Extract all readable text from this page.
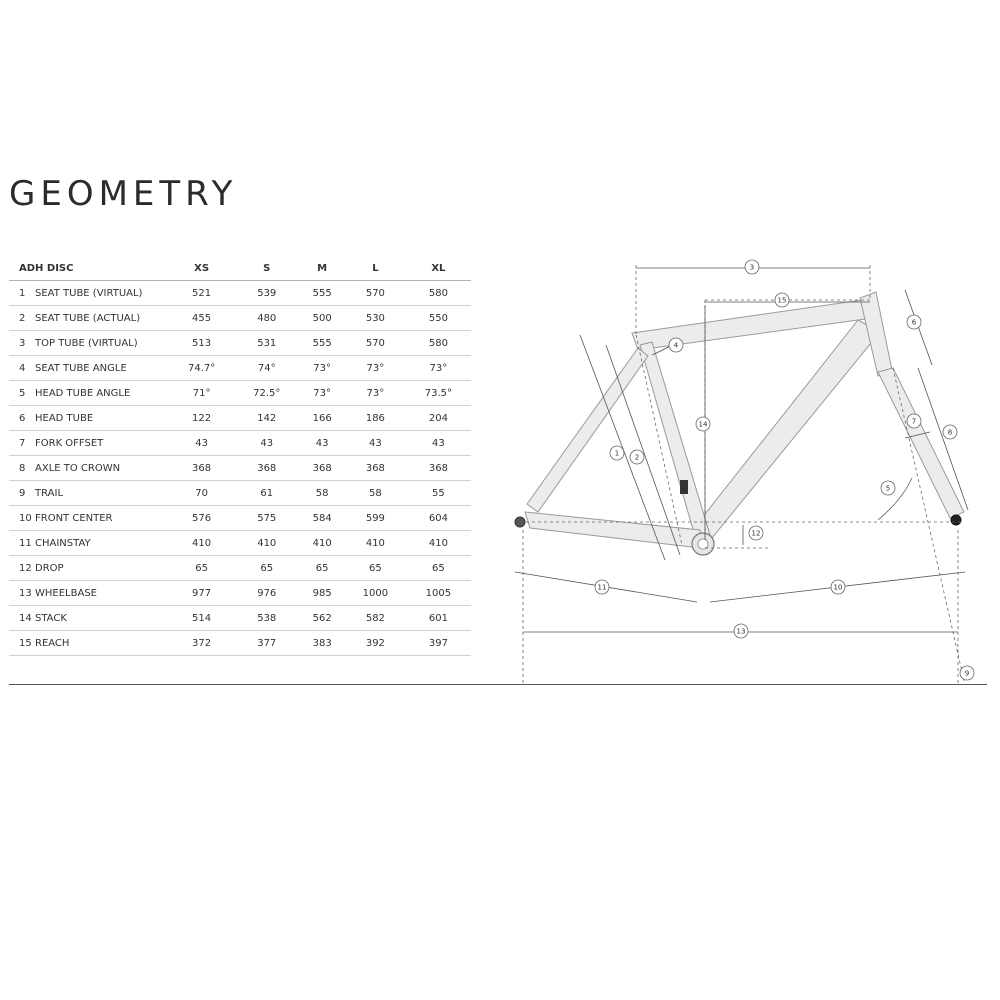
GEOMETRY
ADH DISC	XS	S	M	L	XL
1 SEAT TUBE (VIRTUAL)	521	539	555	570	580
2 SEAT TUBE (ACTUAL)	455	480	500	530	550
3 TOP TUBE (VIRTUAL)	513	531	555	570	580
4 SEAT TUBE ANGLE	74.7°	74°	73°	73°	73°
5 HEAD TUBE ANGLE	71°	72.5°	73°	73°	73.5°
6 HEAD TUBE	122	142	166	186	204
7 FORK OFFSET	43	43	43	43	43
8 AXLE TO CROWN	368	368	368	368	368
9 TRAIL	70	61	58	58	55
10 FRONT CENTER	576	575	584	599	604
11 CHAINSTAY	410	410	410	410	410
12 DROP	65	65	65	65	65
13 WHEELBASE	977	976	985	1000	1005
14 STACK	514	538	562	582	601
15 REACH	372	377	383	392	397
1 2
3
4
5
6
7
8
9
10
11
12
13
14
15
